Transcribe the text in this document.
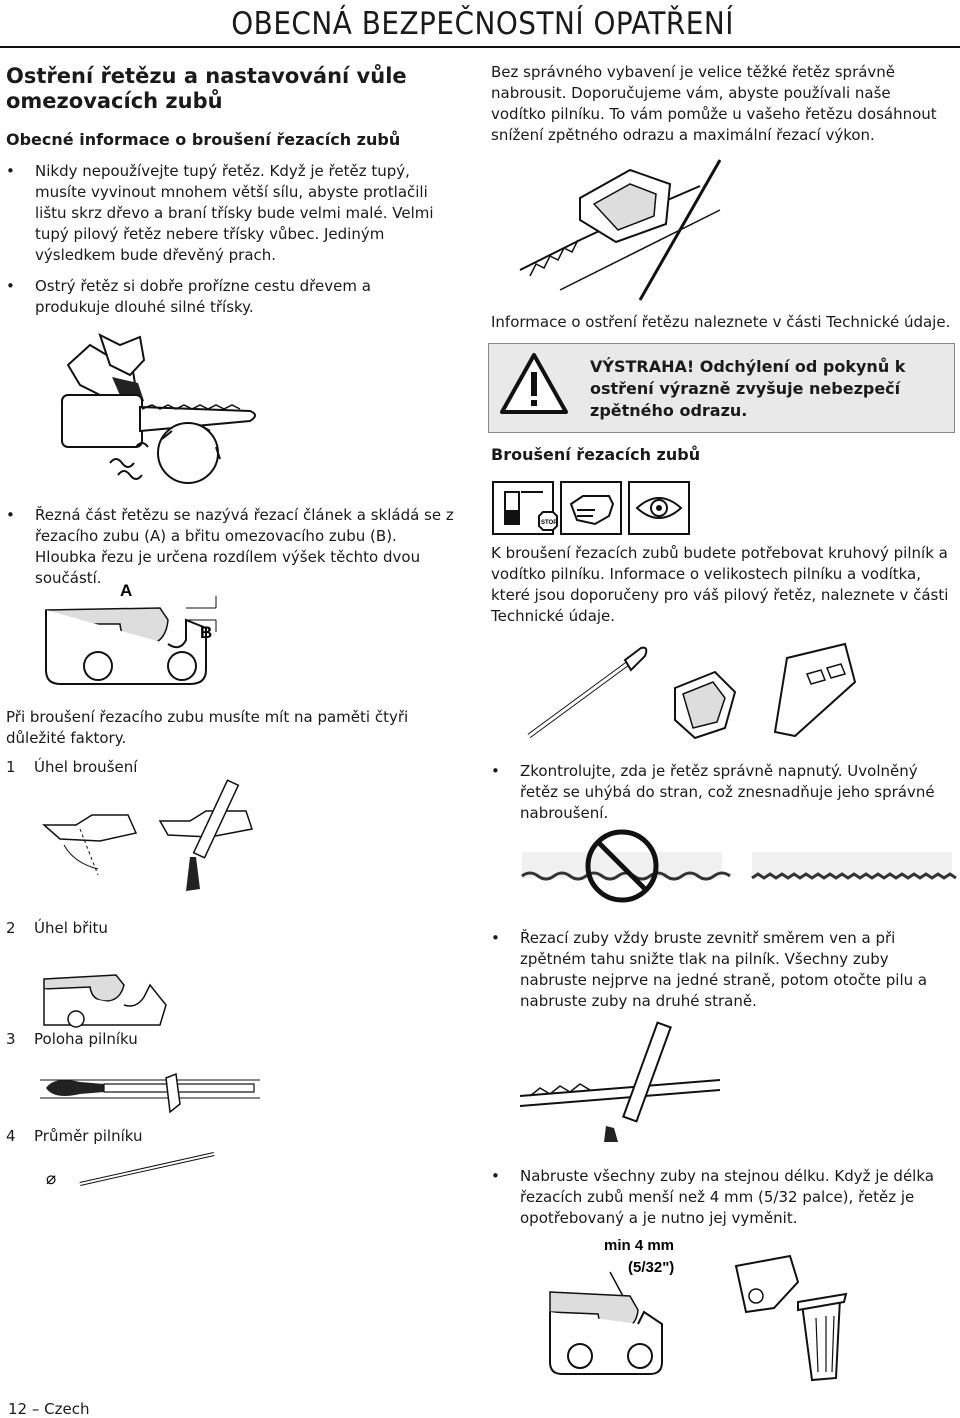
OBECNÁ BEZPEČNOSTNÍ OPATŘENÍ
Ostření řetězu a nastavování vůle omezovacích zubů
Obecné informace o broušení řezacích zubů
• Nikdy nepoužívejte tupý řetěz. Když je řetěz tupý, musíte vyvinout mnohem větší sílu, abyste protlačili lištu skrz dřevo a braní třísky bude velmi malé. Velmi tupý pilový řetěz nebere třísky vůbec. Jediným výsledkem bude dřevěný prach.
• Ostrý řetěz si dobře prořízne cestu dřevem a produkuje dlouhé silné třísky.
• Řezná část řetězu se nazývá řezací článek a skládá se z řezacího zubu (A) a břitu omezovacího zubu (B). Hloubka řezu je určena rozdílem výšek těchto dvou součástí.
A
B
Při broušení řezacího zubu musíte mít na paměti čtyři důležité faktory.
1 Úhel broušení
2 Úhel břitu
3 Poloha pilníku
4 Průměr pilníku
⌀
Bez správného vybavení je velice těžké řetěz správně nabrousit. Doporučujeme vám, abyste používali naše vodítko pilníku. To vám pomůže u vašeho řetězu dosáhnout snížení zpětného odrazu a maximální řezací výkon.
Informace o ostření řetězu naleznete v části Technické údaje.
VÝSTRAHA! Odchýlení od pokynů k ostření výrazně zvyšuje nebezpečí zpětného odrazu.
Broušení řezacích zubů
STOP
K broušení řezacích zubů budete potřebovat kruhový pilník a vodítko pilníku. Informace o velikostech pilníku a vodítka, které jsou doporučeny pro váš pilový řetěz, naleznete v části Technické údaje.
• Zkontrolujte, zda je řetěz správně napnutý. Uvolněný řetěz se uhýbá do stran, což znesnadňuje jeho správné nabroušení.
• Řezací zuby vždy bruste zevnitř směrem ven a při zpětném tahu snižte tlak na pilník. Všechny zuby nabruste nejprve na jedné straně, potom otočte pilu a nabruste zuby na druhé straně.
• Nabruste všechny zuby na stejnou délku. Když je délka řezacích zubů menší než 4 mm (5/32 palce), řetěz je opotřebovaný a je nutno jej vyměnit.
min 4 mm
(5/32")
12 – Czech
